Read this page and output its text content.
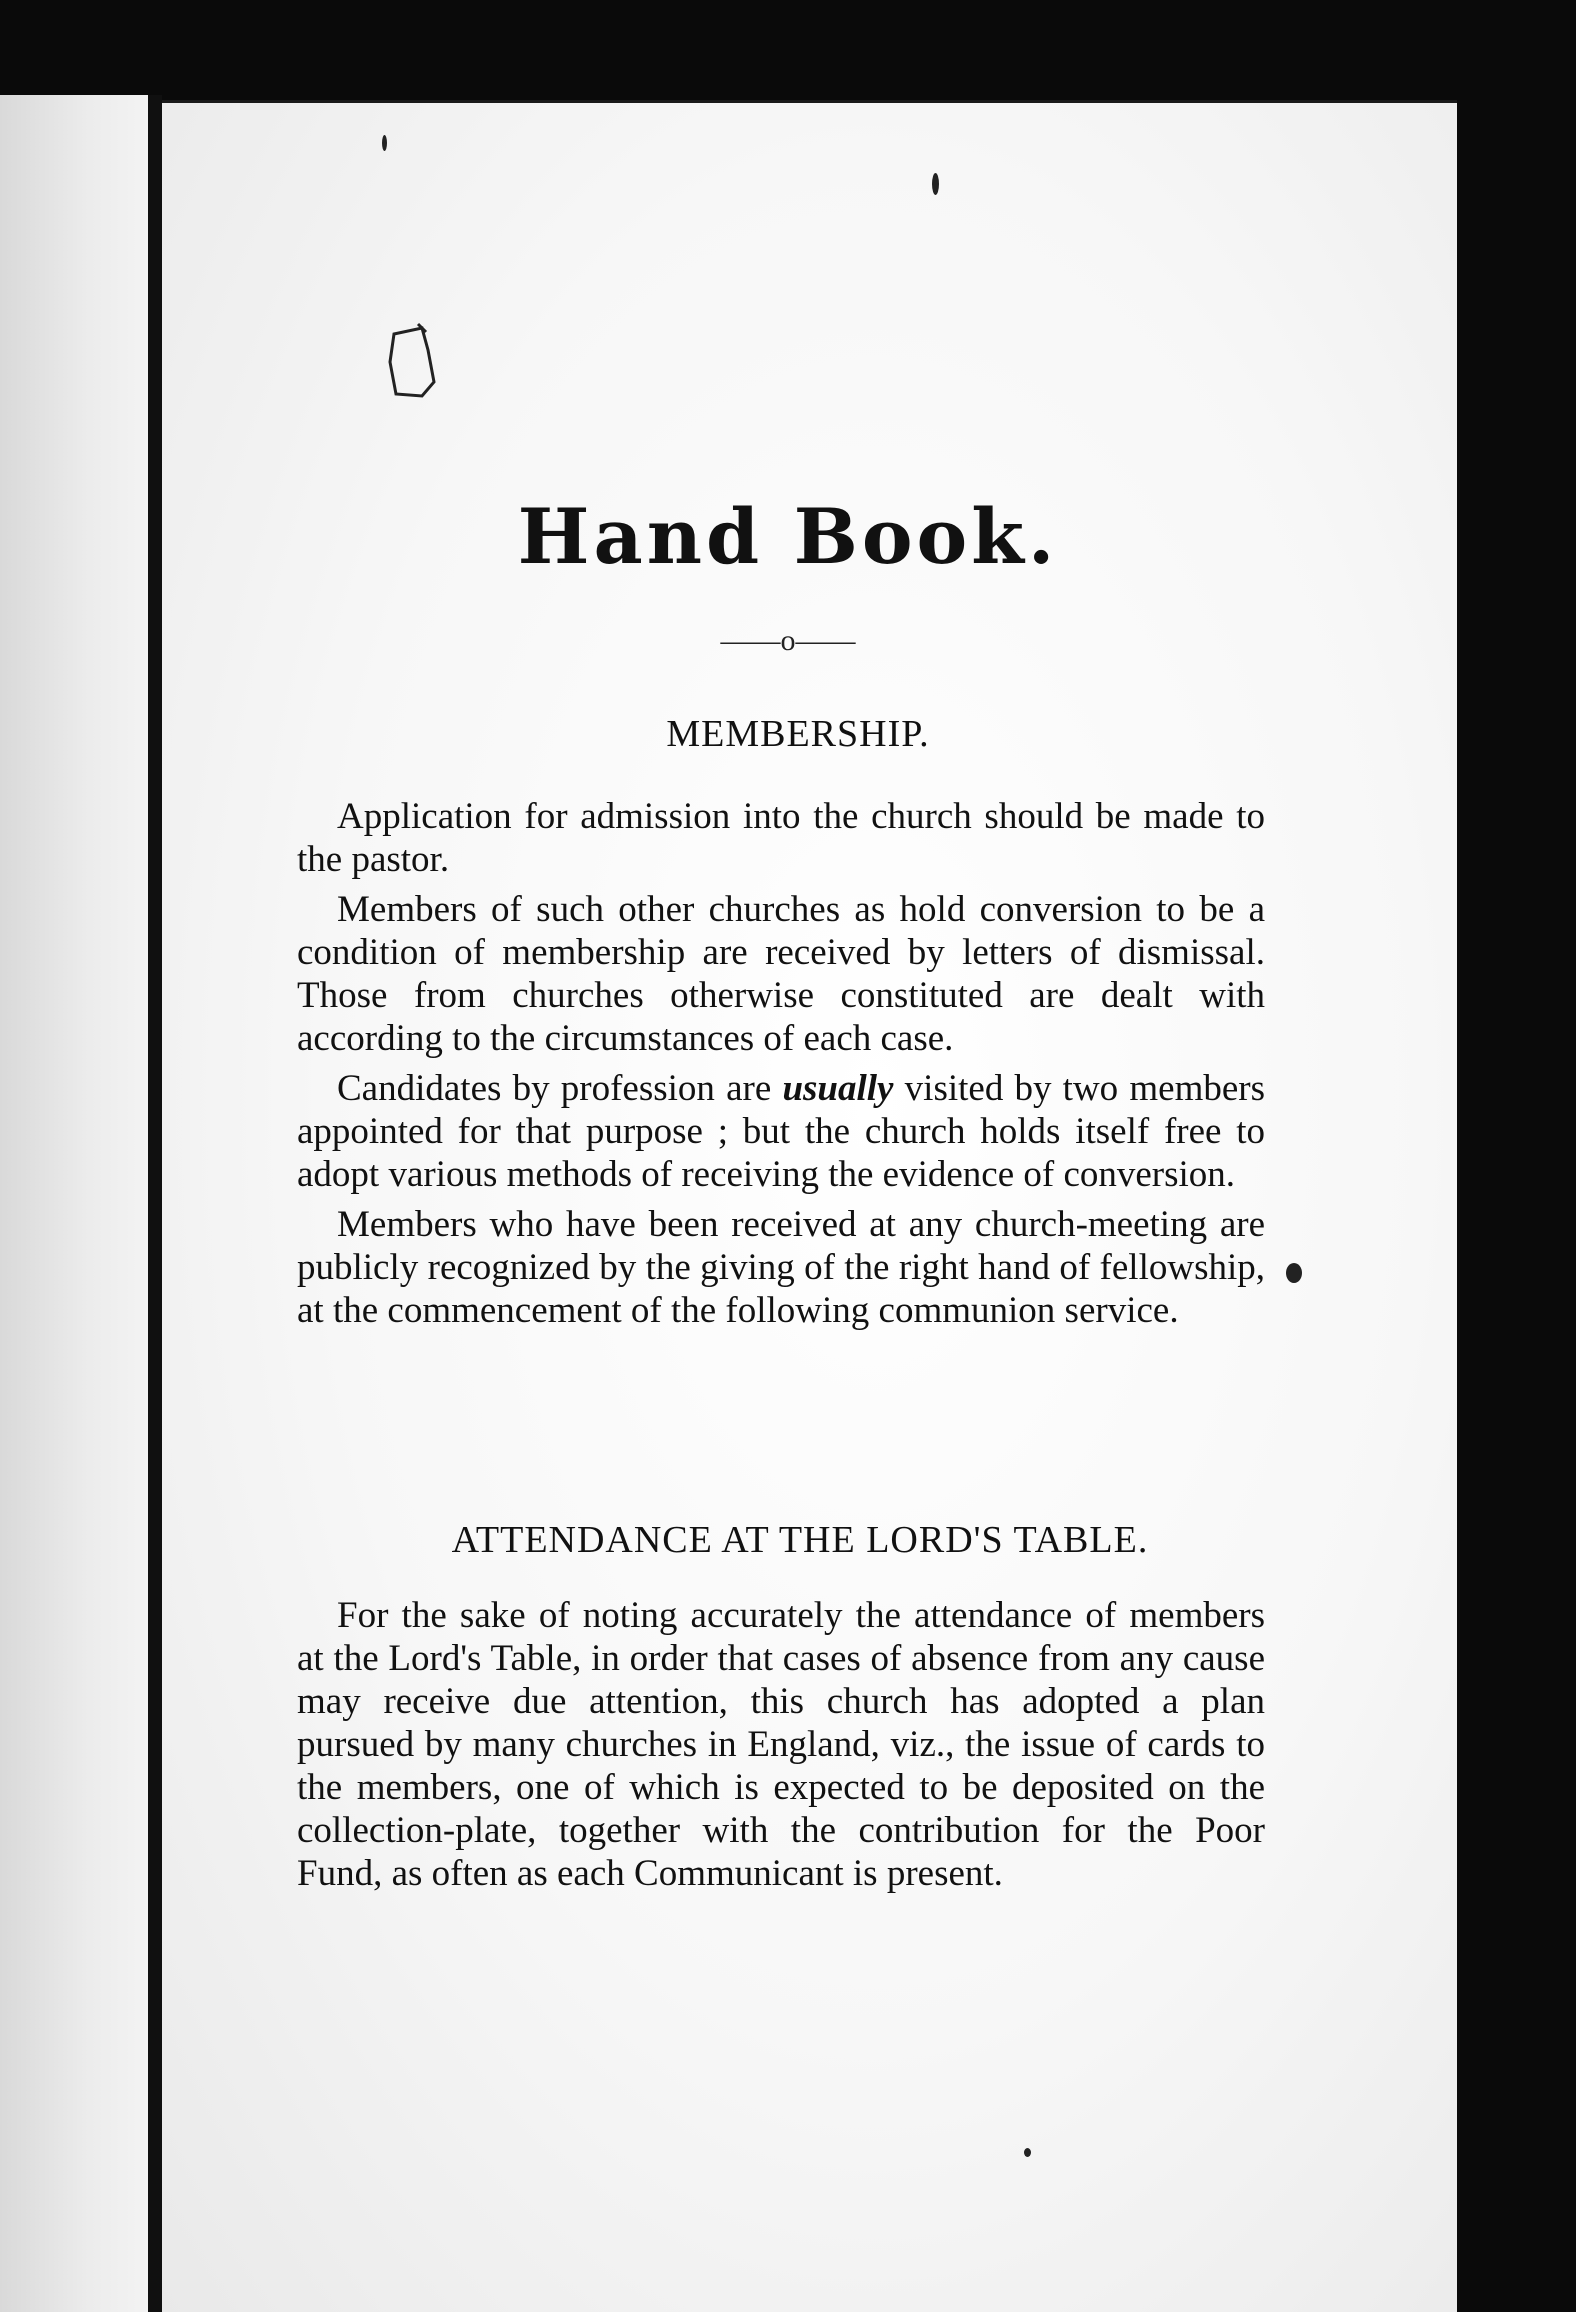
Hand Book.
——o——
MEMBERSHIP.

Application for admission into the church should be made to the pastor.

Members of such other churches as hold conversion to be a condition of membership are received by letters of dismissal. Those from churches otherwise constituted are dealt with according to the circumstances of each case.

Candidates by profession are usually visited by two members appointed for that purpose ; but the church holds itself free to adopt various methods of receiving the evidence of conversion.

Members who have been received at any church-meeting are publicly recognized by the giving of the right hand of fellowship, at the commencement of the following communion service.

ATTENDANCE AT THE LORD'S TABLE.

For the sake of noting accurately the attendance of members at the Lord's Table, in order that cases of absence from any cause may receive due attention, this church has adopted a plan pursued by many churches in England, viz., the issue of cards to the members, one of which is expected to be deposited on the collection-plate, together with the contribution for the Poor Fund, as often as each Communicant is present.
